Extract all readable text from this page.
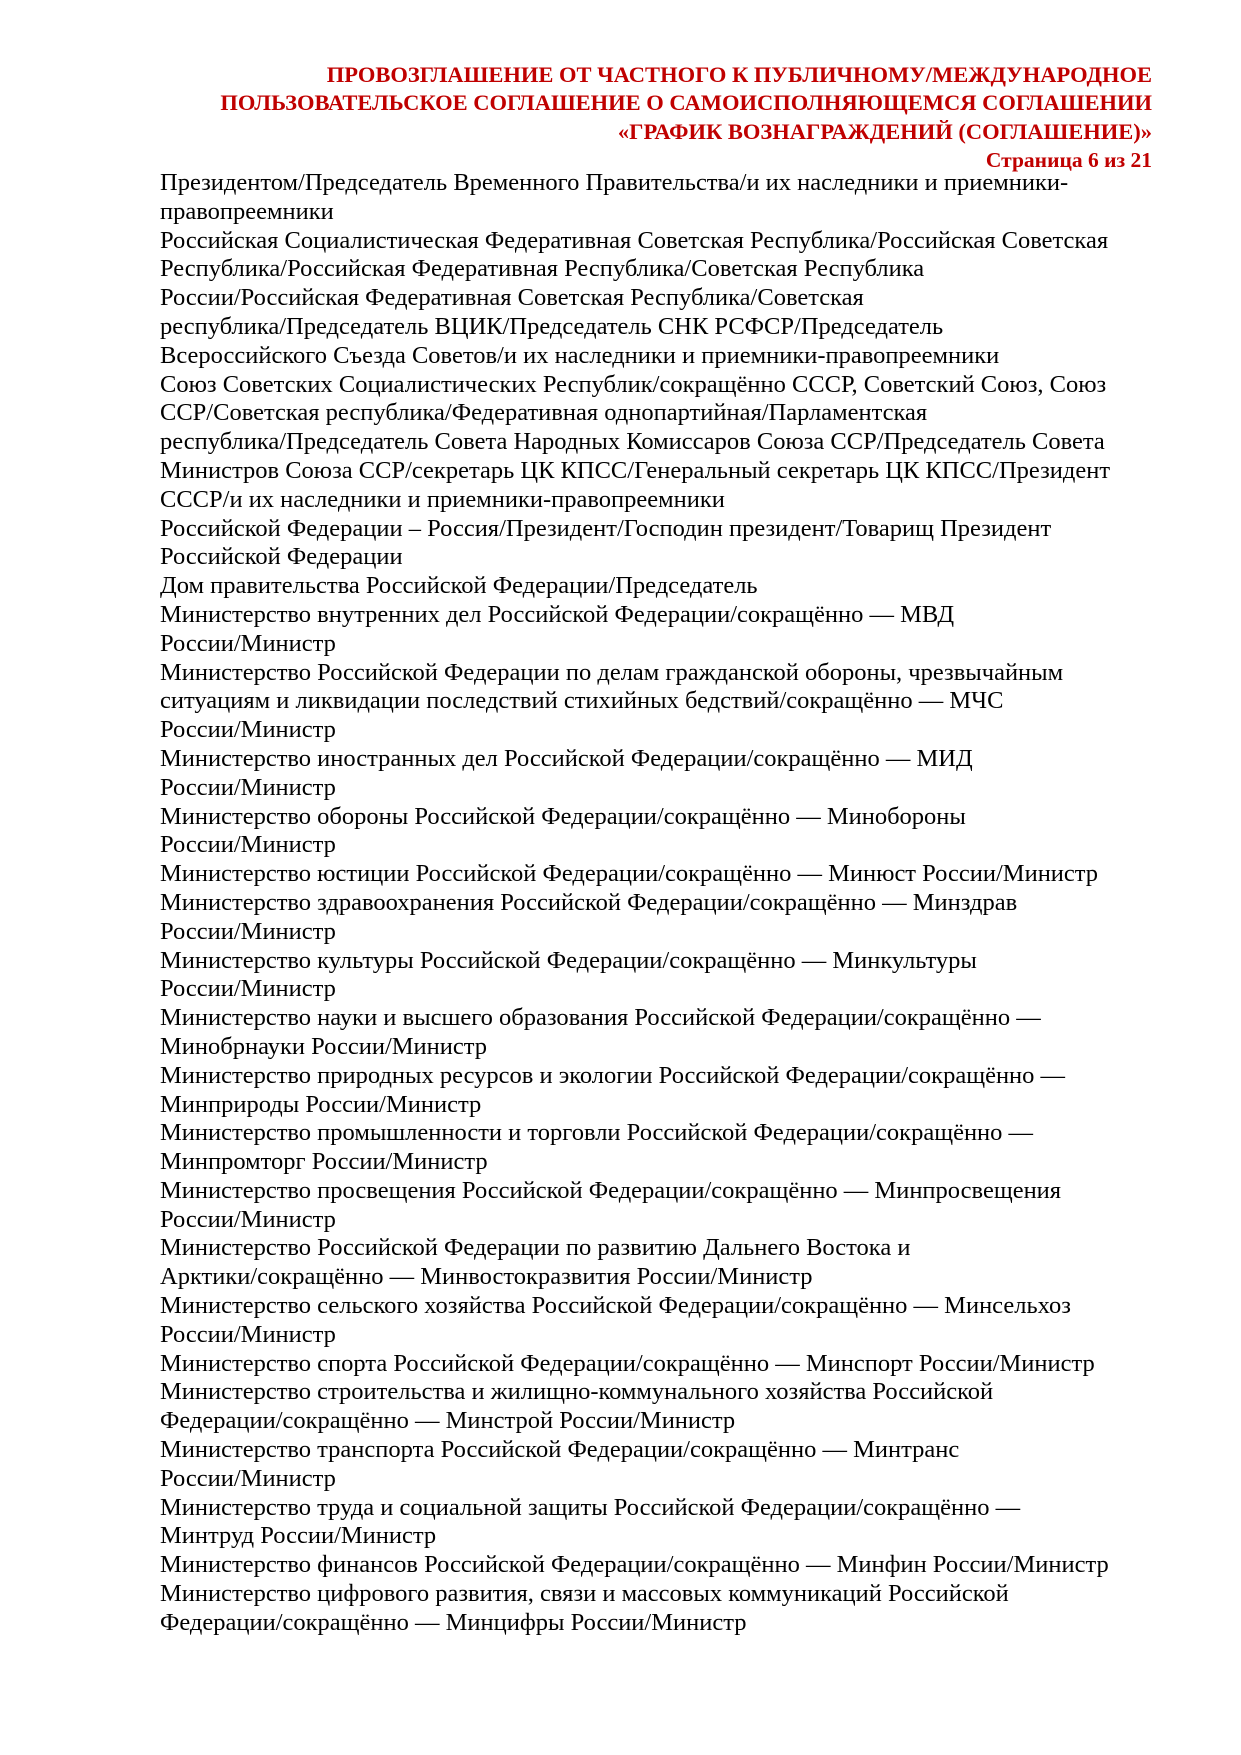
ПРОВОЗГЛАШЕНИЕ ОТ ЧАСТНОГО К ПУБЛИЧНОМУ/МЕЖДУНАРОДНОЕ
ПОЛЬЗОВАТЕЛЬСКОЕ СОГЛАШЕНИЕ О САМОИСПОЛНЯЮЩЕМСЯ СОГЛАШЕНИИ
«ГРАФИК ВОЗНАГРАЖДЕНИЙ (СОГЛАШЕНИЕ)»
Страница 6 из 21
Президентом/Председатель Временного Правительства/и их наследники и приемники-
правопреемники
Российская Социалистическая Федеративная Советская Республика/Российская Советская
Республика/Российская Федеративная Республика/Советская Республика
России/Российская Федеративная Советская Республика/Советская
республика/Председатель ВЦИК/Председатель СНК РСФСР/Председатель
Всероссийского Съезда Советов/и их наследники и приемники-правопреемники
Союз Советских Социалистических Республик/сокращённо СССР, Советский Союз, Союз
ССР/Советская республика/Федеративная однопартийная/Парламентская
республика/Председатель Совета Народных Комиссаров Союза ССР/Председатель Совета
Министров Союза ССР/секретарь ЦК КПСС/Генеральный секретарь ЦК КПСС/Президент
СССР/и их наследники и приемники-правопреемники
Российской Федерации – Россия/Президент/Господин президент/Товарищ Президент
Российской Федерации
Дом правительства Российской Федерации/Председатель
Министерство внутренних дел Российской Федерации/сокращённо — МВД
России/Министр
Министерство Российской Федерации по делам гражданской обороны, чрезвычайным
ситуациям и ликвидации последствий стихийных бедствий/сокращённо — МЧС
России/Министр
Министерство иностранных дел Российской Федерации/сокращённо — МИД
России/Министр
Министерство обороны Российской Федерации/сокращённо — Минобороны
России/Министр
Министерство юстиции Российской Федерации/сокращённо — Минюст России/Министр
Министерство здравоохранения Российской Федерации/сокращённо — Минздрав
России/Министр
Министерство культуры Российской Федерации/сокращённо — Минкультуры
России/Министр
Министерство науки и высшего образования Российской Федерации/сокращённо —
Минобрнауки России/Министр
Министерство природных ресурсов и экологии Российской Федерации/сокращённо —
Минприроды России/Министр
Министерство промышленности и торговли Российской Федерации/сокращённо —
Минпромторг России/Министр
Министерство просвещения Российской Федерации/сокращённо — Минпросвещения
России/Министр
Министерство Российской Федерации по развитию Дальнего Востока и
Арктики/сокращённо — Минвостокразвития России/Министр
Министерство сельского хозяйства Российской Федерации/сокращённо — Минсельхоз
России/Министр
Министерство спорта Российской Федерации/сокращённо — Минспорт России/Министр
Министерство строительства и жилищно-коммунального хозяйства Российской
Федерации/сокращённо — Минстрой России/Министр
Министерство транспорта Российской Федерации/сокращённо — Минтранс
России/Министр
Министерство труда и социальной защиты Российской Федерации/сокращённо —
Минтруд России/Министр
Министерство финансов Российской Федерации/сокращённо — Минфин России/Министр
Министерство цифрового развития, связи и массовых коммуникаций Российской
Федерации/сокращённо — Минцифры России/Министр
